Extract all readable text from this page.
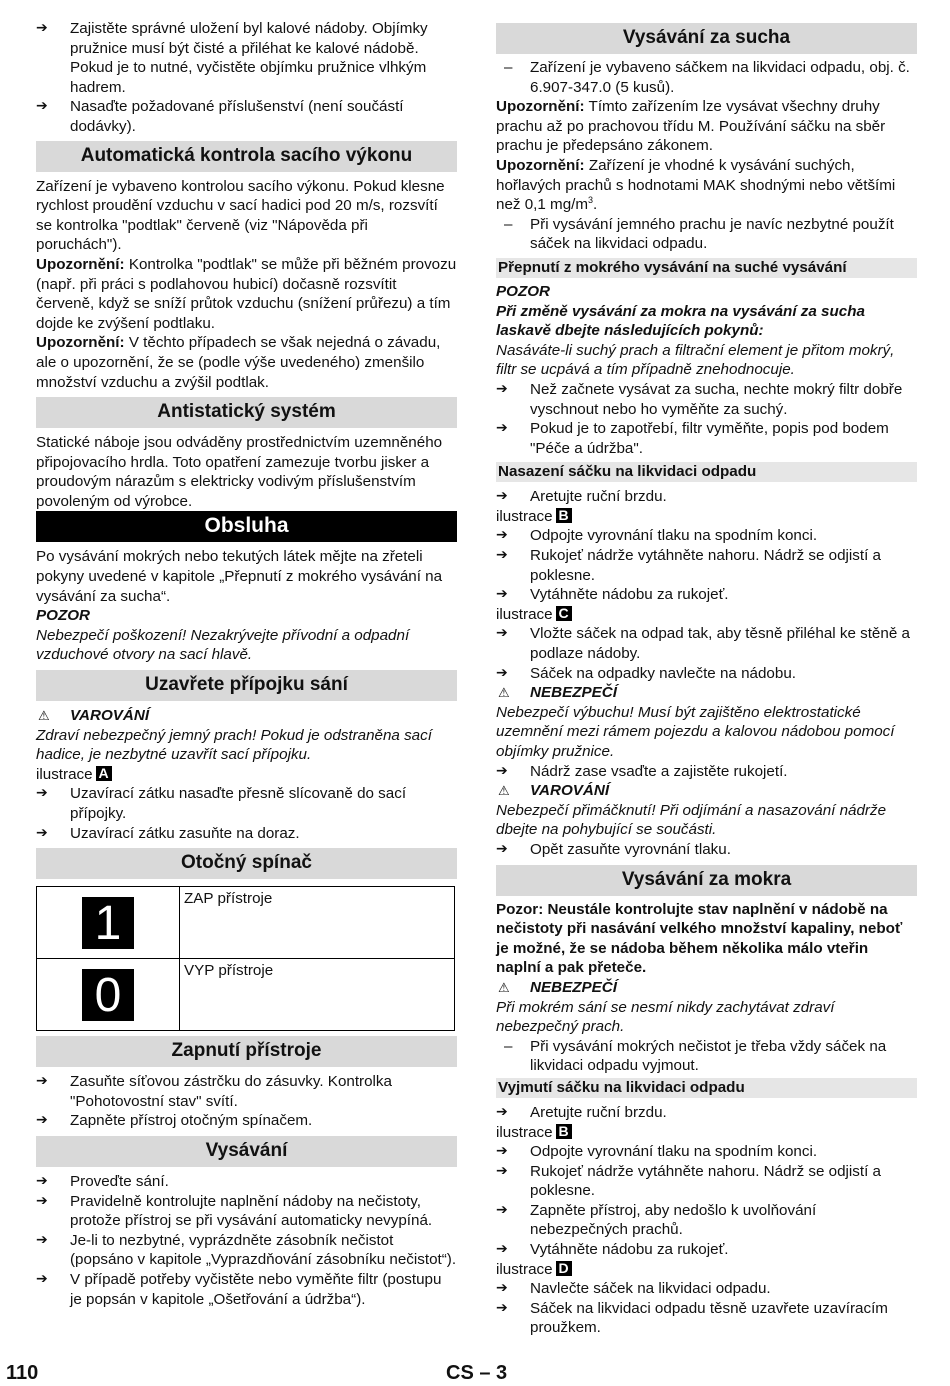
➔ Zajistěte správné uložení byl kalové nádoby. Objímky pružnice musí být čisté a přiléhat ke kalové nádobě. Pokud je to nutné, vyčistěte objímku pružnice vlhkým hadrem.

➔ Nasaďte požadované příslušenství (není součástí dodávky).

Automatická kontrola sacího výkonu

Zařízení je vybaveno kontrolou sacího výkonu. Pokud klesne rychlost proudění vzduchu v sací hadici pod 20 m/s, rozsvítí se kontrolka "podtlak" červeně (viz "Nápověda při poruchách").

Upozornění: Kontrolka "podtlak" se může při běžném provozu (např. při práci s podlahovou hubicí) dočasně rozsvítit červeně, když se sníží průtok vzduchu (snížení průřezu) a tím dojde ke zvýšení podtlaku.

Upozornění: V těchto případech se však nejedná o závadu, ale o upozornění, že se (podle výše uvedeného) zmenšilo množství vzduchu a zvýšil podtlak.

Antistatický systém

Statické náboje jsou odváděny prostřednictvím uzemněného připojovacího hrdla. Toto opatření zamezuje tvorbu jisker a proudovým nárazům s elektricky vodivým příslušenstvím povoleným od výrobce.

Obsluha

Po vysávání mokrých nebo tekutých látek mějte na zřeteli pokyny uvedené v kapitole „Přepnutí z mokrého vysávání na vysávání za sucha“.

POZOR

Nebezpečí poškození! Nezakrývejte přívodní a odpadní vzduchové otvory na sací hlavě.

Uzavřete přípojku sání

⚠ VAROVÁNÍ

Zdraví nebezpečný jemný prach! Pokud je odstraněna sací hadice, je nezbytné uzavřít sací přípojku.

ilustrace A

➔ Uzavírací zátku nasaďte přesně slícovaně do sací přípojky.

➔ Uzavírací zátku zasuňte na doraz.

Otočný spínač
1	ZAP přístroje
0	VYP přístroje
Zapnutí přístroje

➔ Zasuňte síťovou zástrčku do zásuvky. Kontrolka "Pohotovostní stav" svítí.

➔ Zapněte přístroj otočným spínačem.

Vysávání

➔ Proveďte sání.

➔ Pravidelně kontrolujte naplnění nádoby na nečistoty, protože přístroj se při vysávání automaticky nevypíná.

➔ Je-li to nezbytné, vyprázdněte zásobník nečistot (popsáno v kapitole „Vyprazdňování zásobníku nečistot“).

➔ V případě potřeby vyčistěte nebo vyměňte filtr (postupu je popsán v kapitole „Ošetřování a údržba“).

Vysávání za sucha

– Zařízení je vybaveno sáčkem na likvidaci odpadu, obj. č. 6.907-347.0 (5 kusů).

Upozornění: Tímto zařízením lze vysávat všechny druhy prachu až po prachovou třídu M. Používání sáčku na sběr prachu je předepsáno zákonem.

Upozornění: Zařízení je vhodné k vysávání suchých, hořlavých prachů s hodnotami MAK shodnými nebo většími než 0,1 $mg/m^3$.

– Při vysávání jemného prachu je navíc nezbytné použít sáček na likvidaci odpadu.

Přepnutí z mokrého vysávání na suché vysávání

POZOR

Při změně vysávání za mokra na vysávání za sucha laskavě dbejte následujících pokynů:

Nasáváte-li suchý prach a filtrační element je přitom mokrý, filtr se ucpává a tím případně znehodnocuje.

➔ Než začnete vysávat za sucha, nechte mokrý filtr dobře vyschnout nebo ho vyměňte za suchý.

➔ Pokud je to zapotřebí, filtr vyměňte, popis pod bodem "Péče a údržba".

Nasazení sáčku na likvidaci odpadu

➔ Aretujte ruční brzdu.

ilustrace B

➔ Odpojte vyrovnání tlaku na spodním konci.

➔ Rukojeť nádrže vytáhněte nahoru. Nádrž se odjistí a poklesne.

➔ Vytáhněte nádobu za rukojeť.

ilustrace C

➔ Vložte sáček na odpad tak, aby těsně přiléhal ke stěně a podlaze nádoby.

➔ Sáček na odpadky navlečte na nádobu.

⚠ NEBEZPEČÍ

Nebezpečí výbuchu! Musí být zajištěno elektrostatické uzemnění mezi rámem pojezdu a kalovou nádobou pomocí objímky pružnice.

➔ Nádrž zase vsaďte a zajistěte rukojetí.

⚠ VAROVÁNÍ

Nebezpečí přimáčknutí! Při odjímání a nasazování nádrže dbejte na pohybující se součásti.

➔ Opět zasuňte vyrovnání tlaku.

Vysávání za mokra

Pozor: Neustále kontrolujte stav naplnění v nádobě na nečistoty při nasávání velkého množství kapaliny, neboť je možné, že se nádoba během několika málo vteřin naplní a pak přeteče.

⚠ NEBEZPEČÍ

Při mokrém sání se nesmí nikdy zachytávat zdraví nebezpečný prach.

– Při vysávání mokrých nečistot je třeba vždy sáček na likvidaci odpadu vyjmout.

Vyjmutí sáčku na likvidaci odpadu

➔ Aretujte ruční brzdu.

ilustrace B

➔ Odpojte vyrovnání tlaku na spodním konci.

➔ Rukojeť nádrže vytáhněte nahoru. Nádrž se odjistí a poklesne.

➔ Zapněte přístroj, aby nedošlo k uvolňování nebezpečných prachů.

➔ Vytáhněte nádobu za rukojeť.

ilustrace D

➔ Navlečte sáček na likvidaci odpadu.

➔ Sáček na likvidaci odpadu těsně uzavřete uzavíracím proužkem.

110	CS – 3
